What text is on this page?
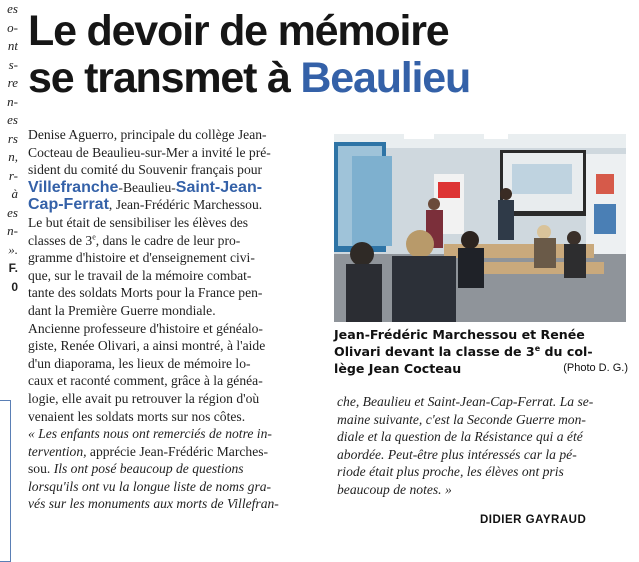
es
o-
nt
s-
re
n-
es
rs
n,
r-
à
es
n-
».
F.
0
Le devoir de mémoire
se transmet à Beaulieu
Denise Aguerro, principale du collège Jean-
Cocteau de Beaulieu-sur-Mer a invité le pré-
sident du comité du Souvenir français pour
Villefranche-Beaulieu-Saint-Jean-
Cap-Ferrat, Jean-Frédéric Marchessou.
Le but était de sensibiliser les élèves des
classes de 3e, dans le cadre de leur pro-
gramme d'histoire et d'enseignement civi-
que, sur le travail de la mémoire combat-
tante des soldats Morts pour la France pen-
dant la Première Guerre mondiale.
Ancienne professeure d'histoire et généalo-
giste, Renée Olivari, a ainsi montré, à l'aide
d'un diaporama, les lieux de mémoire lo-
caux et raconté comment, grâce à la généa-
logie, elle avait pu retrouver la région d'où
venaient les soldats morts sur nos côtes.
« Les enfants nous ont remerciés de notre in-
tervention, apprécie Jean-Frédéric Marches-
sou. Ils ont posé beaucoup de questions
lorsqu'ils ont vu la longue liste de noms gra-
vés sur les monuments aux morts de Villefran-
Jean-Frédéric Marchessou et Renée
Olivari devant la classe de 3e du col-
lège Jean Cocteau	(Photo D. G.)
che, Beaulieu et Saint-Jean-Cap-Ferrat. La se-
maine suivante, c'est la Seconde Guerre mon-
diale et la question de la Résistance qui a été
abordée. Peut-être plus intéressés car la pé-
riode était plus proche, les élèves ont pris
beaucoup de notes. »
DIDIER GAYRAUD
